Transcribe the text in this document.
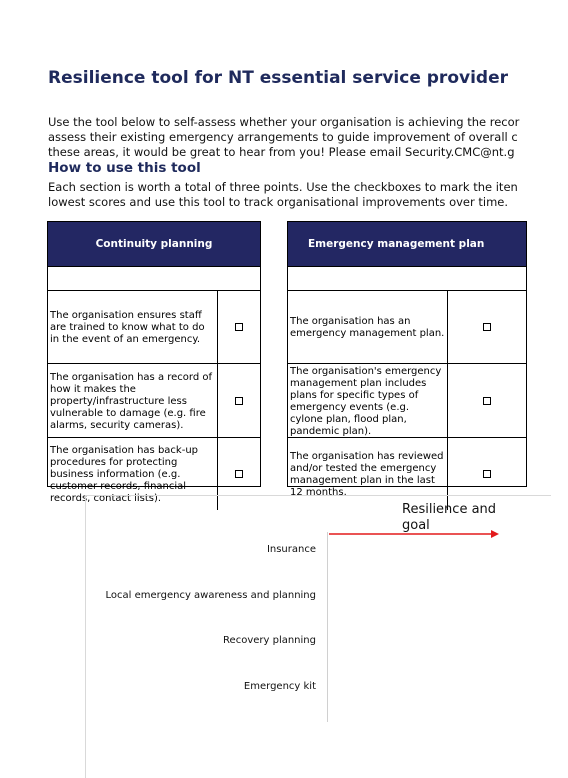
Resilience tool for NT essential service provider
Use the tool below to self-assess whether your organisation is achieving the recor
assess their existing emergency arrangements to guide improvement of overall c
these areas, it would be great to hear from you! Please email Security.CMC@nt.g
How to use this tool
Each section is worth a total of three points. Use the checkboxes to mark the iten
lowest scores and use this tool to track organisational improvements over time.
Continuity planning
The organisation ensures staff are trained to know what to do in the event of an emergency.
The organisation has a record of how it makes the property/infrastructure less vulnerable to damage (e.g. fire alarms, security cameras).
The organisation has back-up procedures for protecting business information (e.g. customer records, financial records, contact lists).
Emergency management plan
The organisation has an emergency management plan.
The organisation's emergency management plan includes plans for specific types of emergency events (e.g. cylone plan, flood plan, pandemic plan).
The organisation has reviewed and/or tested the emergency management plan in the last 12 months.
Resilience and
goal
Insurance
Local emergency awareness and planning
Recovery planning
Emergency kit
